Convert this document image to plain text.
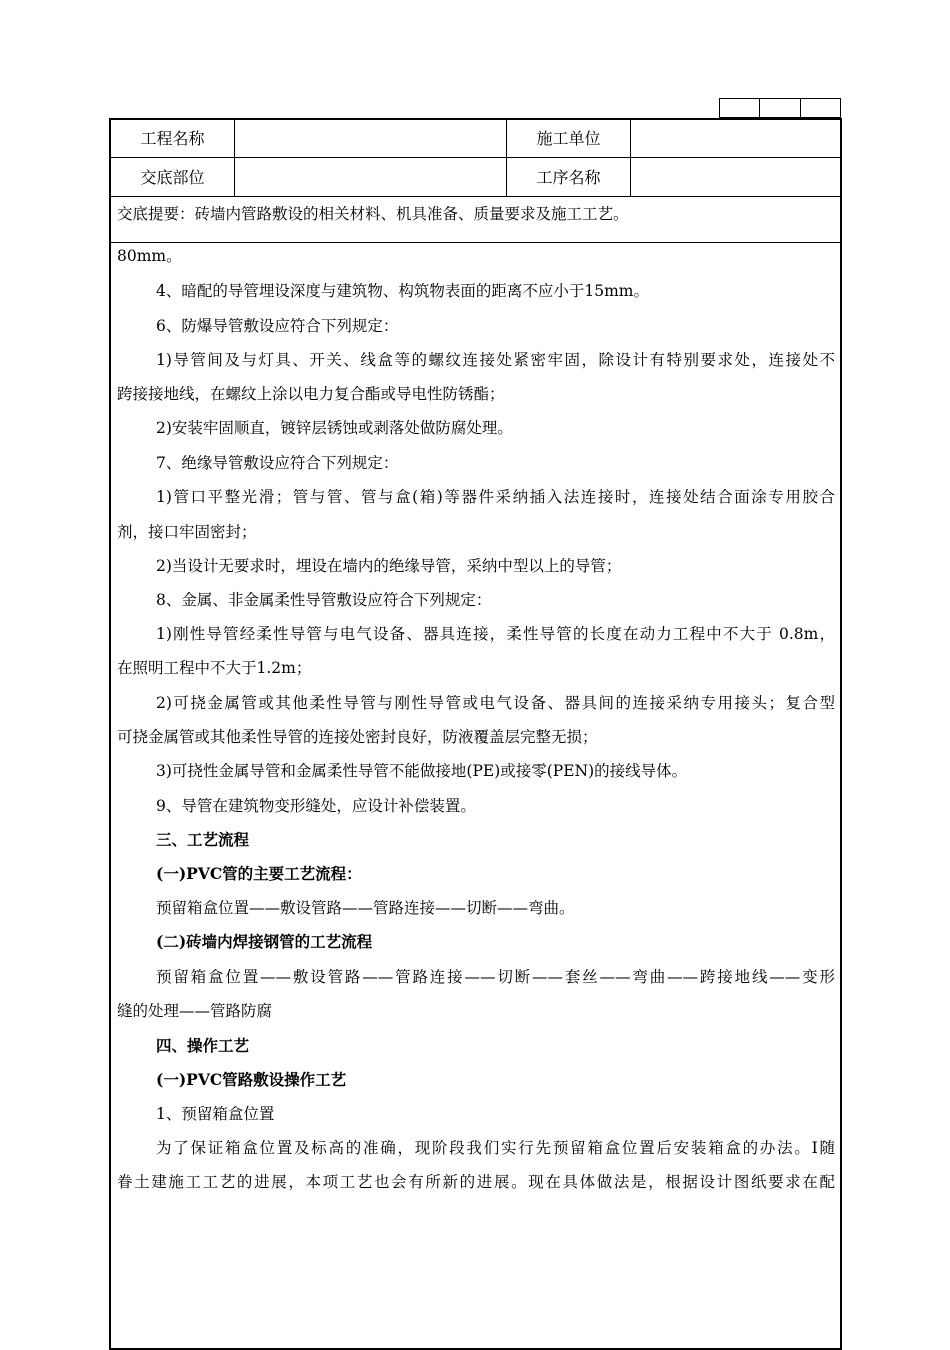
工程名称	施工单位
交底部位	工序名称
交底提要：砖墙内管路敷设的相关材料、机具准备、质量要求及施工工艺。
80mm。
4、暗配的导管埋设深度与建筑物、构筑物表面的距离不应小于15mm。
6、防爆导管敷设应符合下列规定：
1)导管间及与灯具、开关、线盒等的螺纹连接处紧密牢固，除设计有特别要求处，连接处不
跨接接地线，在螺纹上涂以电力复合酯或导电性防锈酯；
2)安装牢固顺直，镀锌层锈蚀或剥落处做防腐处理。
7、绝缘导管敷设应符合下列规定：
1)管口平整光滑；管与管、管与盒(箱)等器件采纳插入法连接时，连接处结合面涂专用胶合
剂，接口牢固密封；
2)当设计无要求时，埋设在墙内的绝缘导管，采纳中型以上的导管；
8、金属、非金属柔性导管敷设应符合下列规定：
1)刚性导管经柔性导管与电气设备、器具连接，柔性导管的长度在动力工程中不大于 0.8m，
在照明工程中不大于1.2m；
2)可挠金属管或其他柔性导管与刚性导管或电气设备、器具间的连接采纳专用接头；复合型
可挠金属管或其他柔性导管的连接处密封良好，防液覆盖层完整无损；
3)可挠性金属导管和金属柔性导管不能做接地(PE)或接零(PEN)的接线导体。
9、导管在建筑物变形缝处，应设计补偿装置。
三、工艺流程
(一)PVC管的主要工艺流程：
预留箱盒位置——敷设管路——管路连接——切断——弯曲。
(二)砖墙内焊接钢管的工艺流程
预留箱盒位置——敷设管路——管路连接——切断——套丝——弯曲——跨接地线——变形
缝的处理——管路防腐
四、操作工艺
(一)PVC管路敷设操作工艺
1、预留箱盒位置
为了保证箱盒位置及标高的准确，现阶段我们实行先预留箱盒位置后安装箱盒的办法。I随
眷土建施工工艺的进展，本项工艺也会有所新的进展。现在具体做法是，根据设计图纸要求在配
